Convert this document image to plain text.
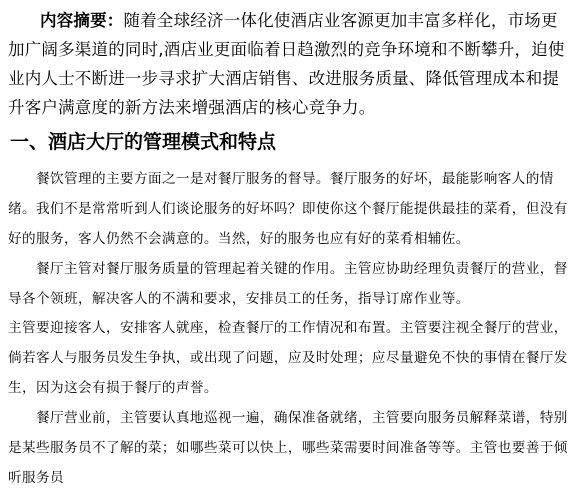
内容摘要：随着全球经济一体化使酒店业客源更加丰富多样化，市场更加广阔多渠道的同时,酒店业更面临着日趋激烈的竞争环境和不断攀升，迫使业内人士不断进一步寻求扩大酒店销售、改进服务质量、降低管理成本和提升客户满意度的新方法来增强酒店的核心竞争力。

一、酒店大厅的管理模式和特点

餐饮管理的主要方面之一是对餐厅服务的督导。餐厅服务的好坏，最能影响客人的情绪。我们不是常常听到人们谈论服务的好坏吗？即使你这个餐厅能提供最挂的菜肴，但没有好的服务，客人仍然不会满意的。当然，好的服务也应有好的菜肴相辅佐。

餐厅主管对餐厅服务质量的管理起着关键的作用。主管应协助经理负责餐厅的营业，督导各个领班，解决客人的不满和要求，安排员工的任务，指导订席作业等。

主管要迎接客人，安排客人就座，检查餐厅的工作情况和布置。主管要注视全餐厅的营业，倘若客人与服务员发生争执，或出现了问题，应及时处理；应尽量避免不快的事情在餐厅发生，因为这会有损于餐厅的声誉。

餐厅营业前，主管要认真地巡视一遍，确保准备就绪，主管要向服务员解释菜谱，特别是某些服务员不了解的菜；如哪些菜可以快上，哪些菜需要时间准备等等。主管也要善于倾听服务员
